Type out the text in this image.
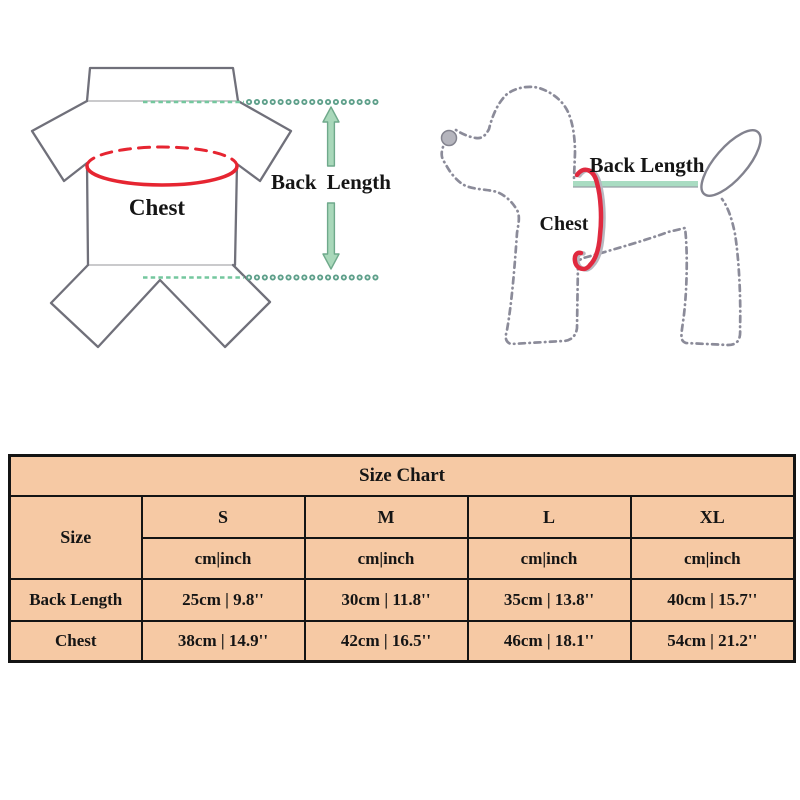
Back Length
Chest
Back Length
Chest
Size Chart				
Size	S	M	L	XL
	cm|inch	cm|inch	cm|inch	cm|inch
Back Length	25cm | 9.8''	30cm | 11.8''	35cm | 13.8''	40cm | 15.7''
Chest	38cm | 14.9''	42cm | 16.5''	46cm | 18.1''	54cm | 21.2''
